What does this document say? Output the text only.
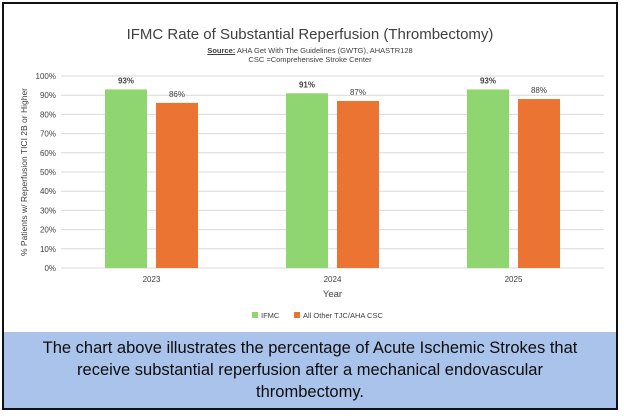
IFMC Rate of Substantial Reperfusion (Thrombectomy)
Source: AHA Get With The Guidelines (GWTG), AHASTR128
CSC =Comprehensive Stroke Center
0%
10%
20%
30%
40%
50%
60%
70%
80%
90%
100%	93%
86%
2023
91%
87%
2024
93%
88%
2025
Year
% Patients w/ Reperfusion TICI 2B or Higher
IFMC	All Other TJC/AHA CSC
The chart above illustrates the percentage of Acute Ischemic Strokes that receive substantial reperfusion after a mechanical endovascular thrombectomy.
